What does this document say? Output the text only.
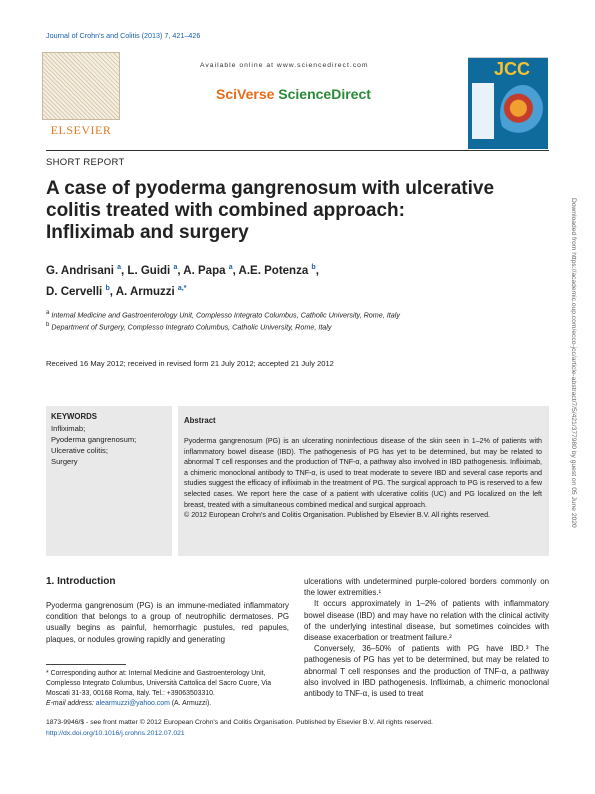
Journal of Crohn's and Colitis (2013) 7, 421–426
ELSEVIER
Available online at www.sciencedirect.com
SciVerse ScienceDirect
JCC
SHORT REPORT
A case of pyoderma gangrenosum with ulcerative
colitis treated with combined approach:
Infliximab and surgery
G. Andrisani $^a$, L. Guidi $^a$, A. Papa $^a$, A.E. Potenza $^b$,
D. Cervelli $^b$, A. Armuzzi $^{a,*}$
$^a$ Internal Medicine and Gastroenterology Unit, Complesso Integrato Columbus, Catholic University, Rome, Italy
$^b$ Department of Surgery, Complesso Integrato Columbus, Catholic University, Rome, Italy
Received 16 May 2012; received in revised form 21 July 2012; accepted 21 July 2012
KEYWORDS
Infliximab;
Pyoderma gangrenosum;
Ulcerative colitis;
Surgery
Abstract
Pyoderma gangrenosum (PG) is an ulcerating noninfectious disease of the skin seen in 1–2% of patients with inflammatory bowel disease (IBD). The pathogenesis of PG has yet to be determined, but may be related to abnormal T cell responses and the production of TNF-α, a pathway also involved in IBD pathogenesis. Infliximab, a chimeric monoclonal antibody to TNF-α, is used to treat moderate to severe IBD and several case reports and studies suggest the efficacy of infliximab in the treatment of PG. The surgical approach to PG is reserved to a few selected cases. We report here the case of a patient with ulcerative colitis (UC) and PG localized on the left breast, treated with a simultaneous combined medical and surgical approach.
© 2012 European Crohn's and Colitis Organisation. Published by Elsevier B.V. All rights reserved.
1. Introduction
Pyoderma gangrenosum (PG) is an immune-mediated inflammatory condition that belongs to a group of neutrophilic dermatoses. PG usually begins as painful, hemorrhagic pustules, red papules, plaques, or nodules growing rapidly and generating
ulcerations with undetermined purple-colored borders commonly on the lower extremities.¹
It occurs approximately in 1–2% of patients with inflammatory bowel disease (IBD) and may have no relation with the clinical activity of the underlying intestinal disease, but sometimes coincides with disease exacerbation or treatment failure.²
Conversely, 36–50% of patients with PG have IBD.³ The pathogenesis of PG has yet to be determined, but may be related to abnormal T cell responses and the production of TNF-α, a pathway also involved in IBD pathogenesis. Infliximab, a chimeric monoclonal antibody to TNF-α, is used to treat
* Corresponding author at: Internal Medicine and Gastroenterology Unit, Complesso Integrato Columbus, Università Cattolica del Sacro Cuore, Via Moscati 31-33, 00168 Roma, Italy. Tel.: +39063503310.
E-mail address: alearmuzzi@yahoo.com (A. Armuzzi).
1873-9946/$ - see front matter © 2012 European Crohn's and Colitis Organisation. Published by Elsevier B.V. All rights reserved.
http://dx.doi.org/10.1016/j.crohns.2012.07.021
Downloaded from https://academic.oup.com/ecco-jcc/article-abstract/7/5/421/377980 by guest on 05 June 2020
